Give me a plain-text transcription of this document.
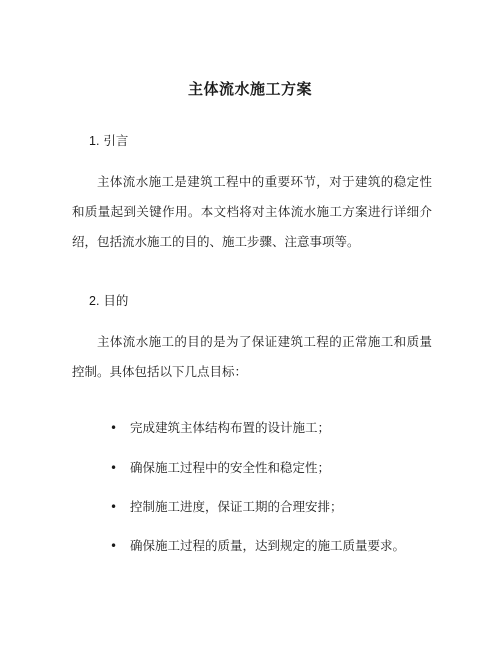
主体流水施工方案
1. 引言

主体流水施工是建筑工程中的重要环节，对于建筑的稳定性和质量起到关键作用。本文档将对主体流水施工方案进行详细介绍，包括流水施工的目的、施工步骤、注意事项等。

2. 目的

主体流水施工的目的是为了保证建筑工程的正常施工和质量控制。具体包括以下几点目标：

• 完成建筑主体结构布置的设计施工；
• 确保施工过程中的安全性和稳定性；
• 控制施工进度，保证工期的合理安排；
• 确保施工过程的质量，达到规定的施工质量要求。
